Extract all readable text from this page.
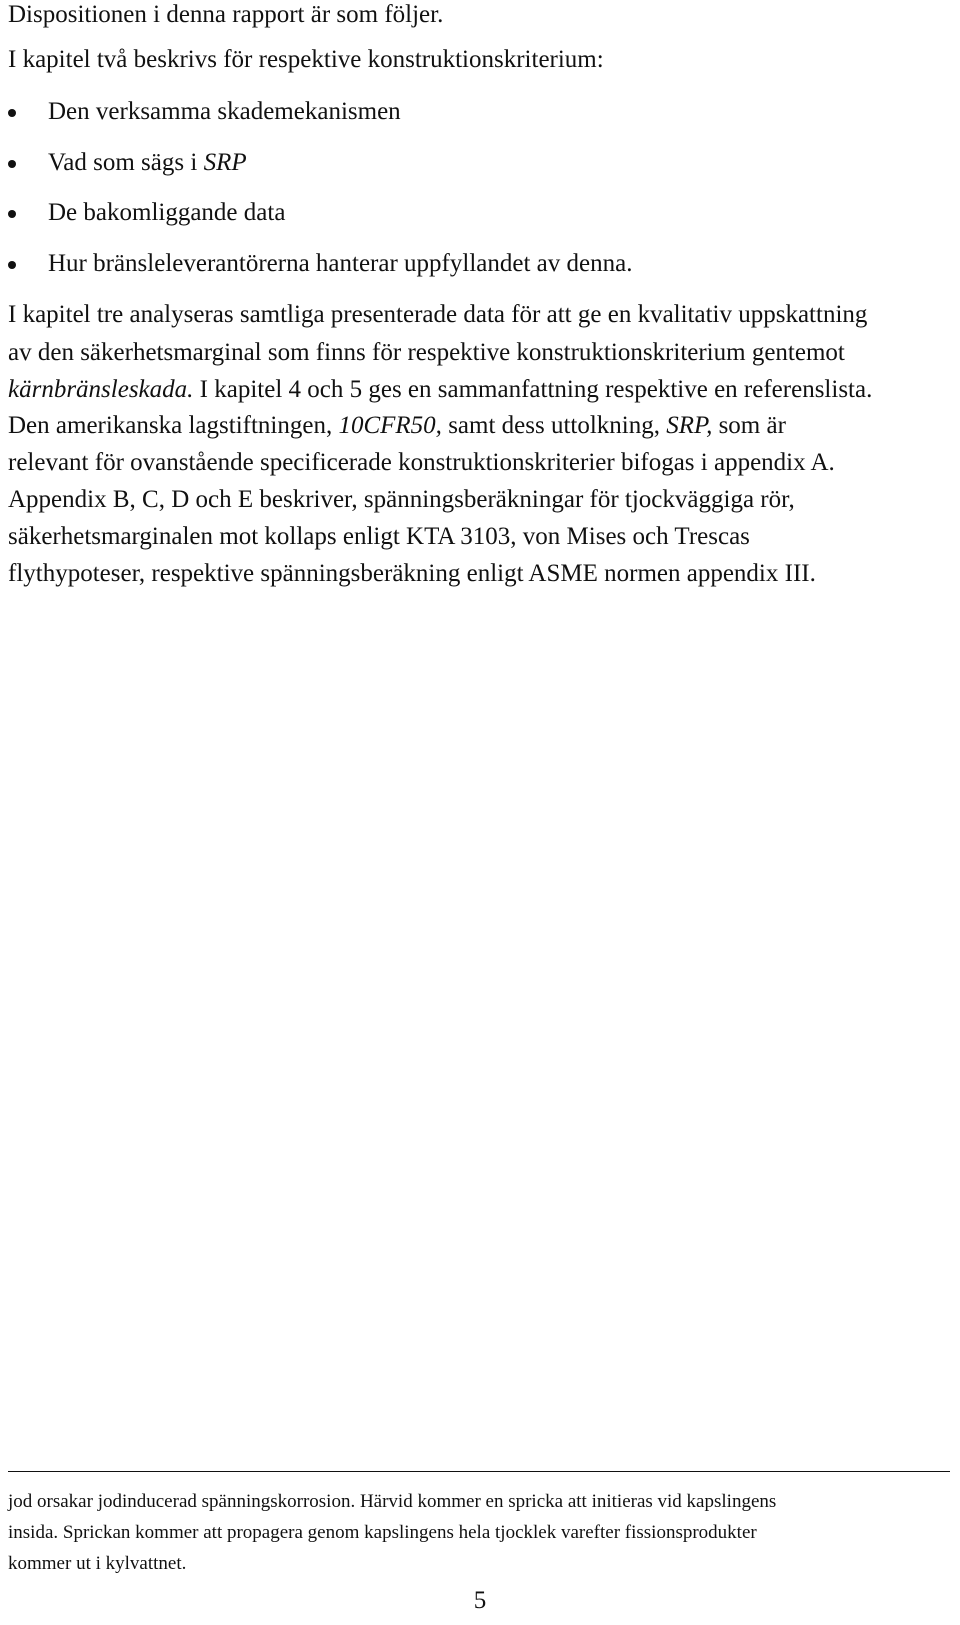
Dispositionen i denna rapport är som följer.
I kapitel två beskrivs för respektive konstruktionskriterium:
Den verksamma skademekanismen
Vad som sägs i SRP
De bakomliggande data
Hur bränsleleverantörerna hanterar uppfyllandet av denna.
I kapitel tre analyseras samtliga presenterade data för att ge en kvalitativ uppskattning
av den säkerhetsmarginal som finns för respektive konstruktionskriterium gentemot
kärnbränsleskada. I kapitel 4 och 5 ges en sammanfattning respektive en referenslista.
Den amerikanska lagstiftningen, 10CFR50, samt dess uttolkning, SRP, som är
relevant för ovanstående specificerade konstruktionskriterier bifogas i appendix A.
Appendix B, C, D och E beskriver, spänningsberäkningar för tjockväggiga rör,
säkerhetsmarginalen mot kollaps enligt KTA 3103, von Mises och Trescas
flythypoteser, respektive spänningsberäkning enligt ASME normen appendix III.
jod orsakar jodinducerad spänningskorrosion. Härvid kommer en spricka att initieras vid kapslingens
insida. Sprickan kommer att propagera genom kapslingens hela tjocklek varefter fissionsprodukter
kommer ut i kylvattnet.
5
